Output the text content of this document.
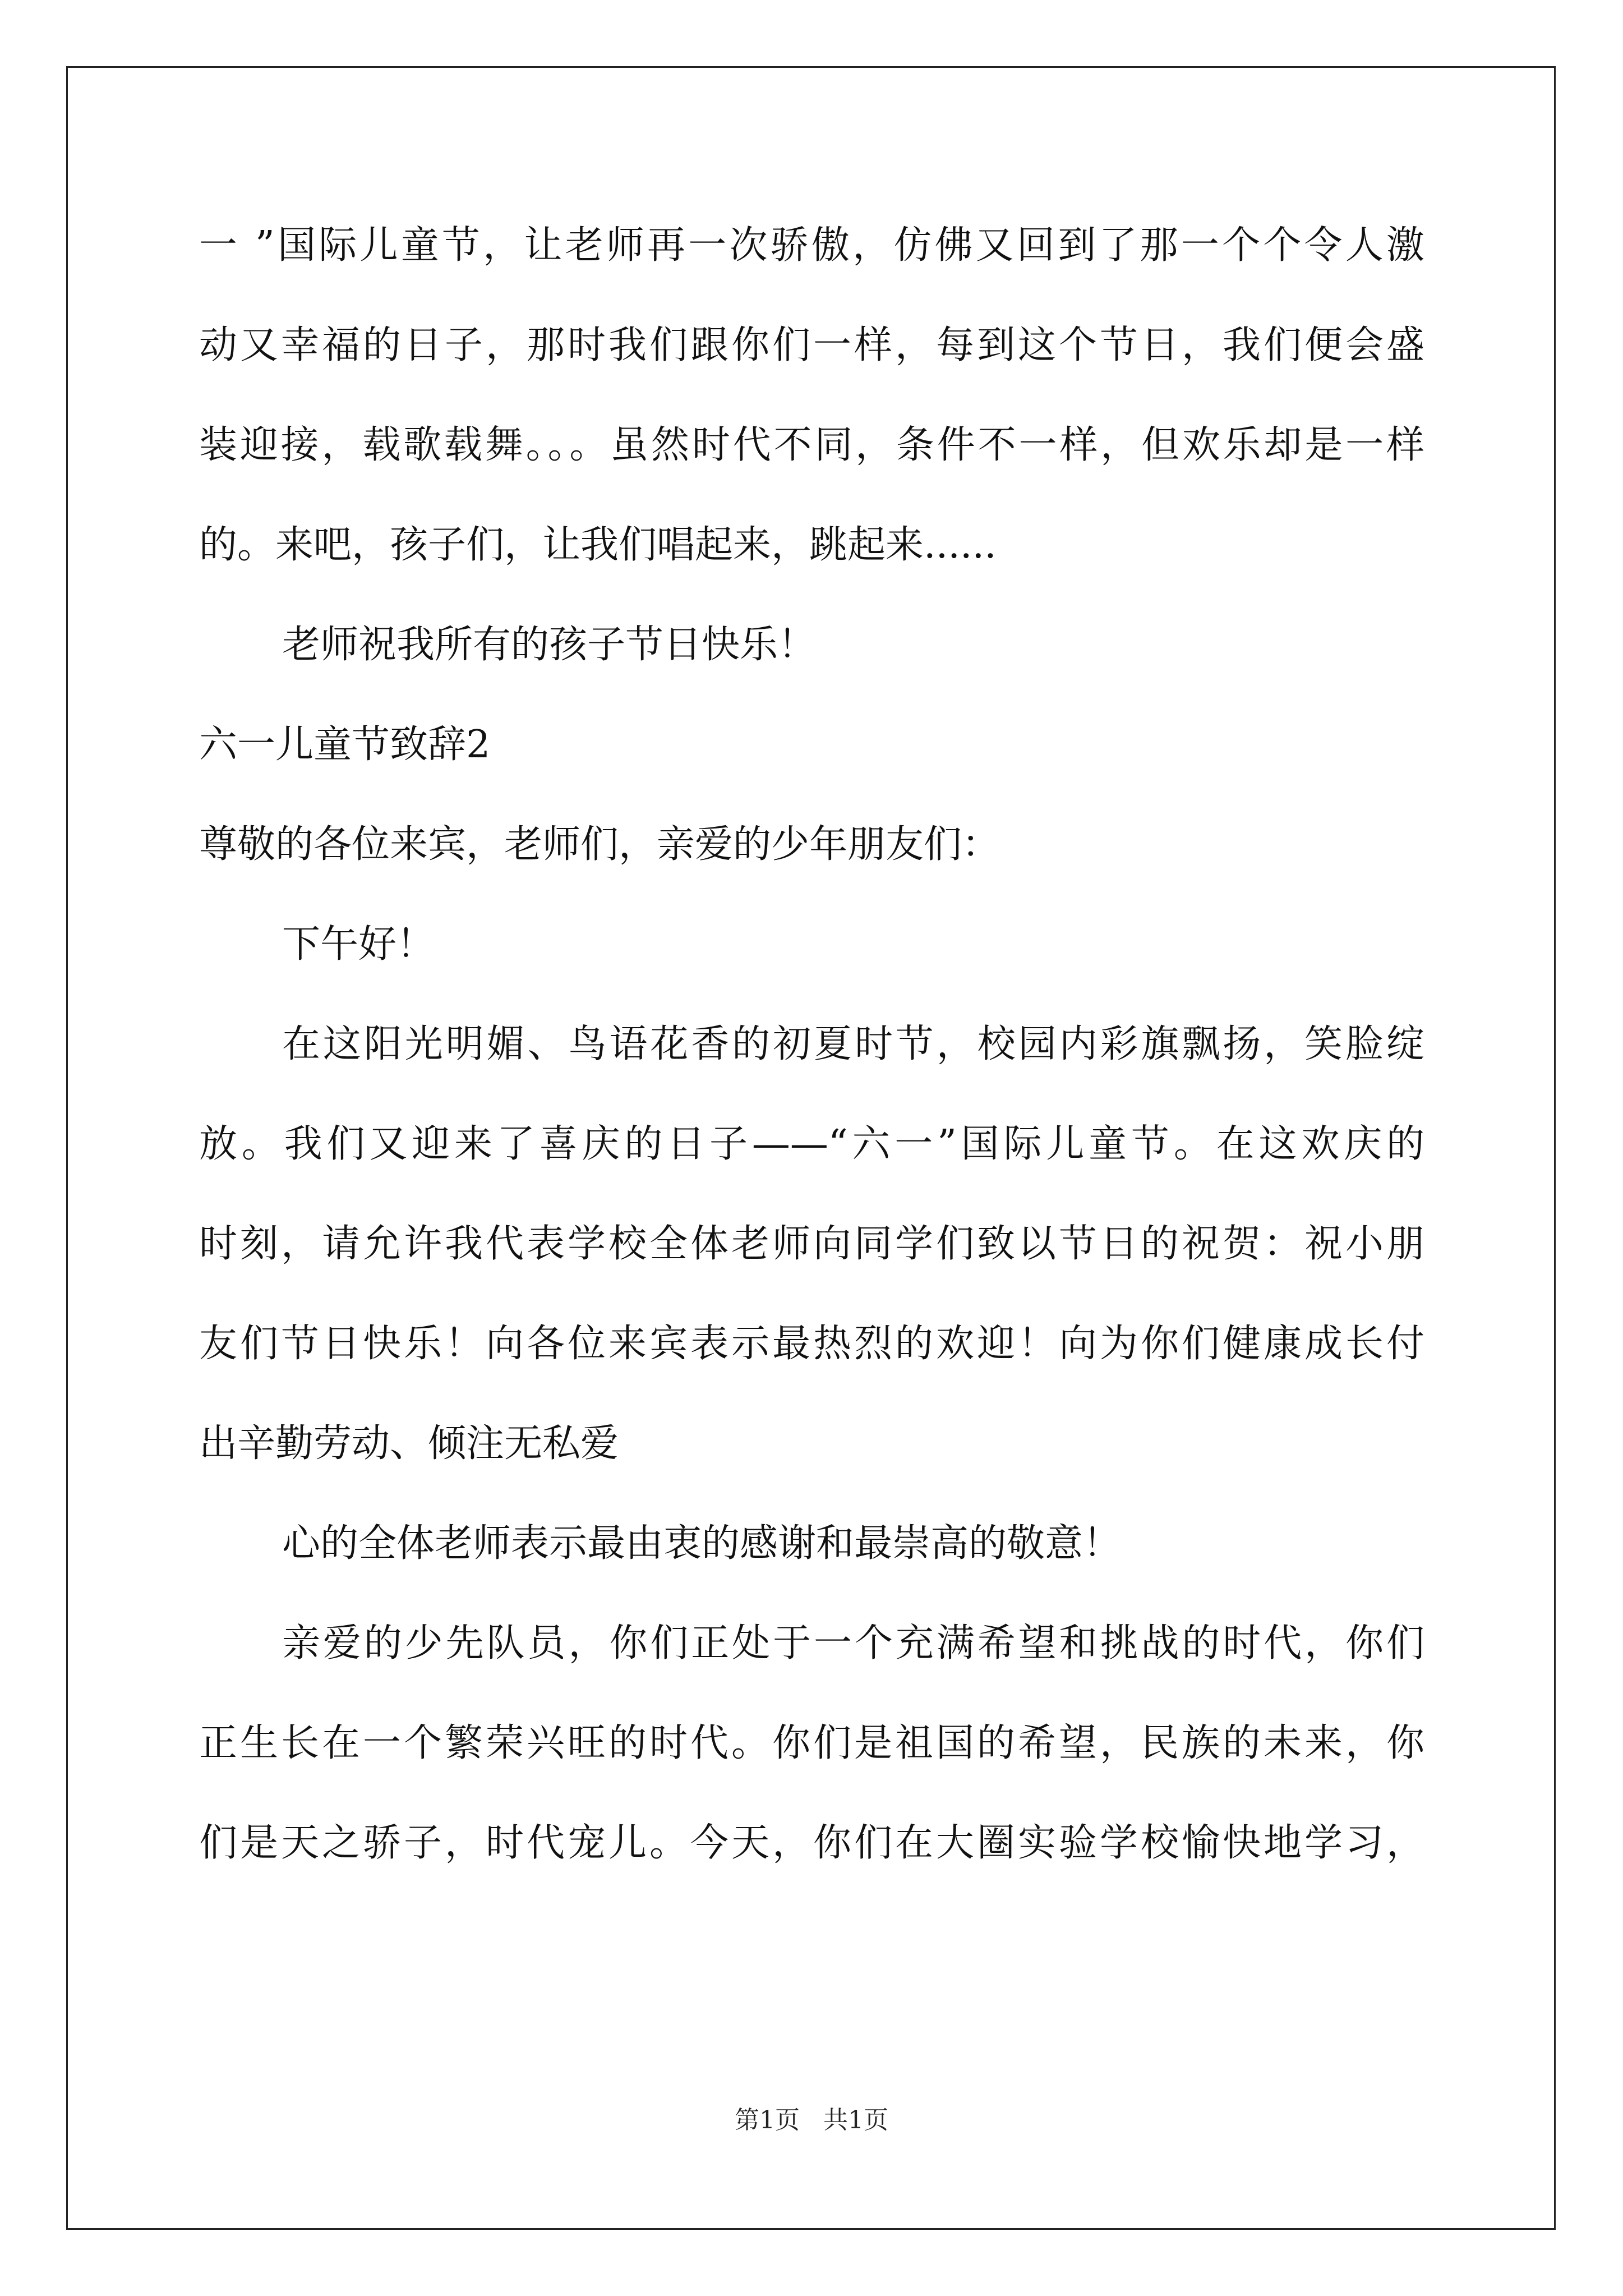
一 ”国际儿童节，让老师再一次骄傲，仿佛又回到了那一个个令人激
动又幸福的日子，那时我们跟你们一样，每到这个节日，我们便会盛
装迎接，载歌载舞。。。虽然时代不同，条件不一样，但欢乐却是一样
的。来吧，孩子们，让我们唱起来，跳起来......
老师祝我所有的孩子节日快乐！
六一儿童节致辞2
尊敬的各位来宾，老师们，亲爱的少年朋友们：
下午好！
在这阳光明媚、鸟语花香的初夏时节，校园内彩旗飘扬，笑脸绽
放。我们又迎来了喜庆的日子——“六一”国际儿童节。在这欢庆的
时刻，请允许我代表学校全体老师向同学们致以节日的祝贺：祝小朋
友们节日快乐！向各位来宾表示最热烈的欢迎！向为你们健康成长付
出辛勤劳动、倾注无私爱
心的全体老师表示最由衷的感谢和最崇高的敬意！
亲爱的少先队员，你们正处于一个充满希望和挑战的时代，你们
正生长在一个繁荣兴旺的时代。你们是祖国的希望，民族的未来，你
们是天之骄子，时代宠儿。今天，你们在大圈实验学校愉快地学习，
第1页 共1页
